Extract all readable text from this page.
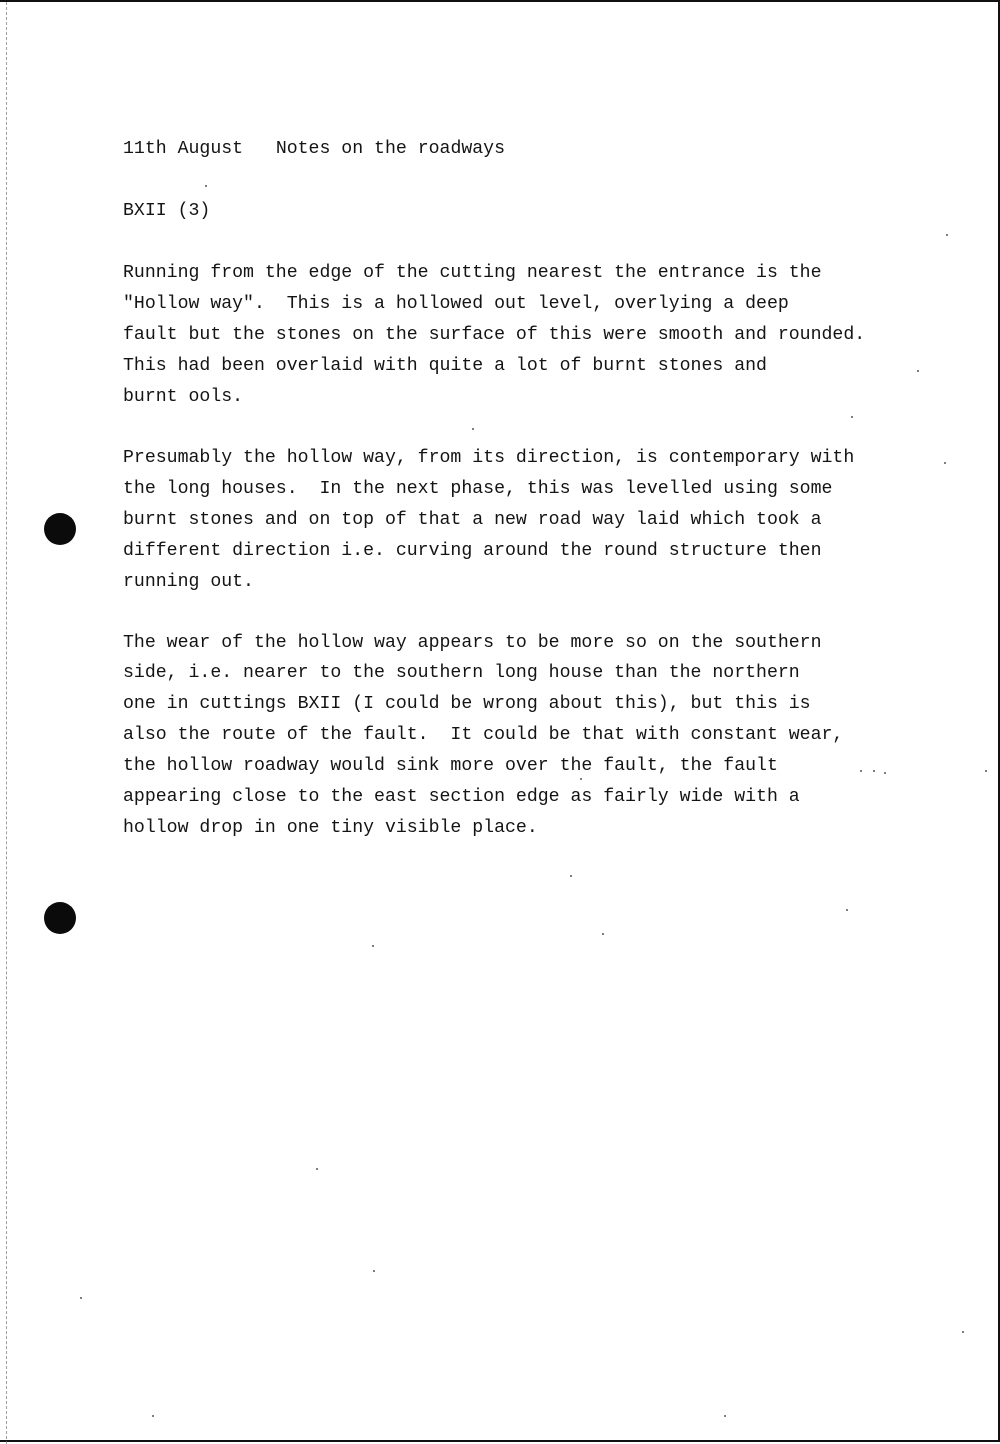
11th August Notes on the roadways

BXII (3)

Running from the edge of the cutting nearest the entrance is the

"Hollow way".  This is a hollowed out level, overlying a deep

fault but the stones on the surface of this were smooth and rounded.

This had been overlaid with quite a lot of burnt stones and

burnt ools.

Presumably the hollow way, from its direction, is contemporary with

the long houses.  In the next phase, this was levelled using some

burnt stones and on top of that a new road way laid which took a

different direction i.e. curving around the round structure then

running out.

The wear of the hollow way appears to be more so on the southern

side, i.e. nearer to the southern long house than the northern

one in cuttings BXII (I could be wrong about this), but this is

also the route of the fault.  It could be that with constant wear,

the hollow roadway would sink more over the fault, the fault

appearing close to the east section edge as fairly wide with a

hollow drop in one tiny visible place.
